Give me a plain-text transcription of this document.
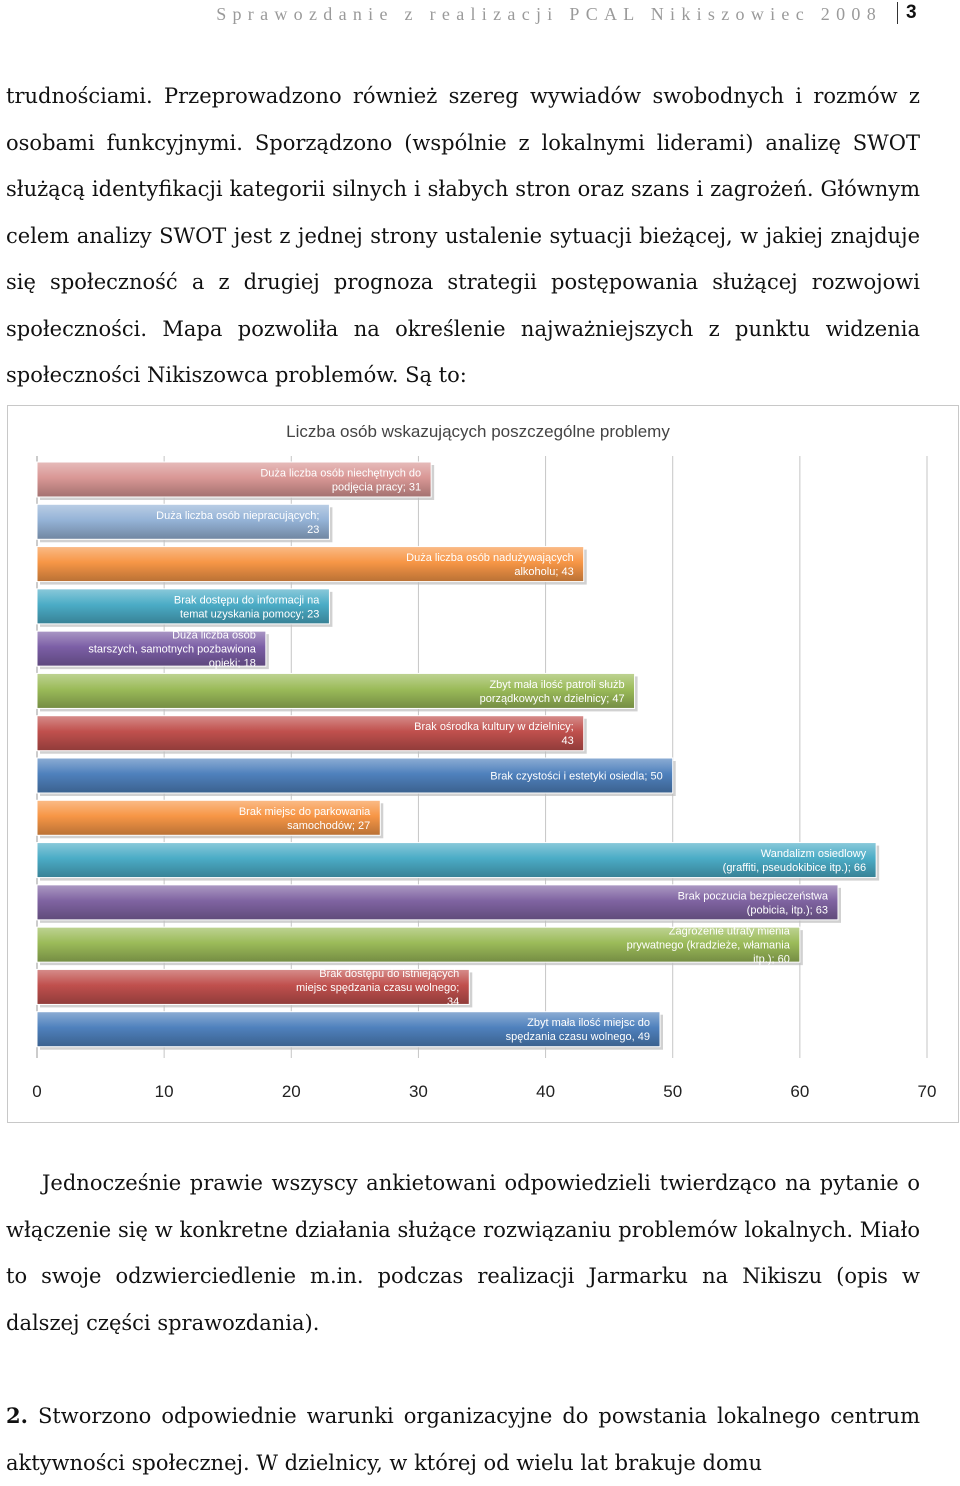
Sprawozdanie z realizacji PCAL Nikiszowiec 2008 3
trudnościami. Przeprowadzono również szereg wywiadów swobodnych i rozmów z osobami funkcyjnymi. Sporządzono (wspólnie z lokalnymi liderami) analizę SWOT służącą identyfikacji kategorii silnych i słabych stron oraz szans i zagrożeń. Głównym celem analizy SWOT jest z jednej strony ustalenie sytuacji bieżącej, w jakiej znajduje się społeczność a z drugiej prognoza strategii postępowania służącej rozwojowi społeczności. Mapa pozwoliła na określenie najważniejszych z punktu widzenia społeczności Nikiszowca problemów. Są to:
Liczba osób wskazujących poszczególne problemy
0	10	20	30	40	50	60	70
Duża liczba osób niechętnych do
podjęcia pracy; 31
Duża liczba osób niepracujących;
23
Duża liczba osób nadużywających
alkoholu; 43
Brak dostępu do informacji na
temat uzyskania pomocy; 23
Duża liczba osób
starszych, samotnych pozbawiona
opieki; 18
Zbyt mała ilość patroli służb
porządkowych w dzielnicy; 47
Brak ośrodka kultury w dzielnicy;
43
Brak czystości i estetyki osiedla; 50
Brak miejsc do parkowania
samochodów; 27
Wandalizm osiedlowy
(graffiti, pseudokibice itp.); 66
Brak poczucia bezpieczeństwa
(pobicia, itp.); 63
Zagrożenie utraty mienia
prywatnego (kradzieże, włamania
itp.); 60
Brak dostępu do istniejących
miejsc spędzania czasu wolnego;
34
Zbyt mała ilość miejsc do
spędzania czasu wolnego, 49
Jednocześnie prawie wszyscy ankietowani odpowiedzieli twierdząco na pytanie o włączenie się w konkretne działania służące rozwiązaniu problemów lokalnych. Miało to swoje odzwierciedlenie m.in. podczas realizacji Jarmarku na Nikiszu (opis w dalszej części sprawozdania).
2. Stworzono odpowiednie warunki organizacyjne do powstania lokalnego centrum aktywności społecznej. W dzielnicy, w której od wielu lat brakuje domu
